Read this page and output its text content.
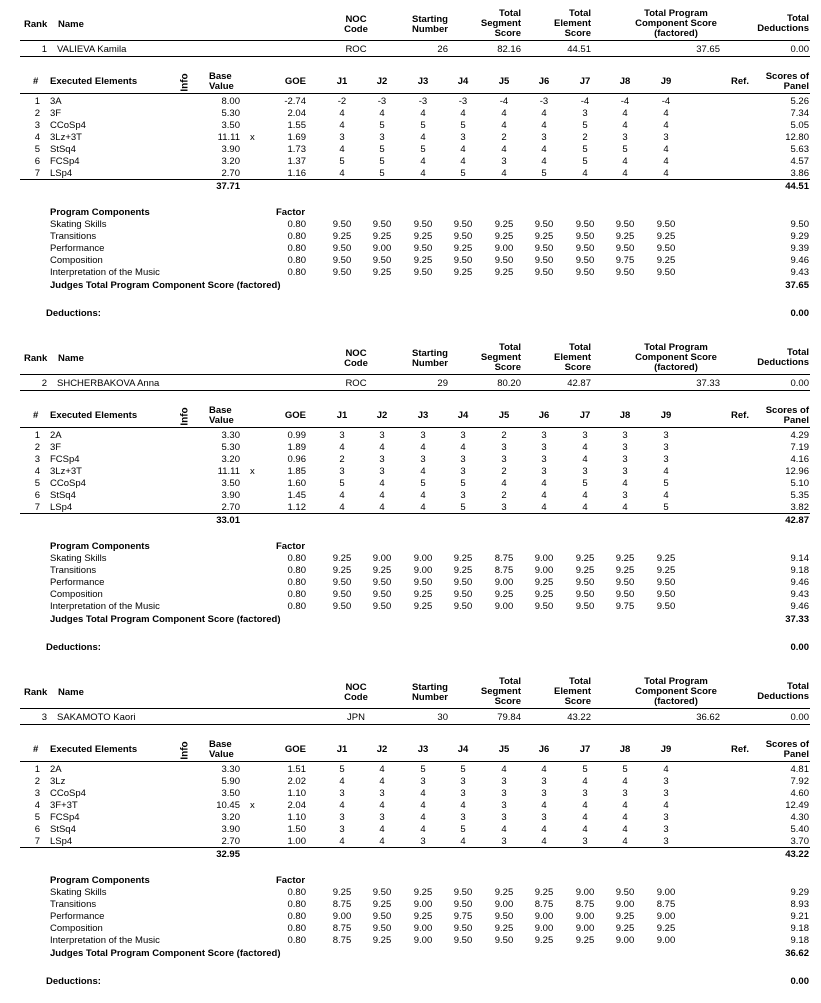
Rank Name	NOC
Code
Starting
Number
Total
Segment
Score
Total
Element
Score
Total Program
Component Score
(factored)
Total
Deductions
1 VALIEVA Kamila	ROC	26	82.16	44.51	37.65	0.00
# Executed Elements	Info Base
Value	GOE	J1	J2	J3	J4	J5	J6	J7	J8	J9	Ref.	Scores of
Panel
1 3A	8.00	-2.74	-2	-3	-3	-3	-4	-3	-4	-4	-4	5.26
2 3F	5.30	2.04	4	4	4	4	4	4	3	4	4	7.34
3 CCoSp4	3.50	1.55	4	5	5	5	4	4	5	4	4	5.05
4 3Lz+3T	11.11 x	1.69	3	3	4	3	2	3	2	3	3	12.80
5 StSq4	3.90	1.73	4	5	5	4	4	4	5	5	4	5.63
6 FCSp4	3.20	1.37	5	5	4	4	3	4	5	4	4	4.57
7 LSp4	2.70	1.16	4	5	4	5	4	5	4	4	4	3.86
37.71	44.51
Program Components	Factor
Skating Skills	0.80	9.50	9.50	9.50	9.50	9.25	9.50	9.50	9.50	9.50	9.50
Transitions	0.80	9.25	9.25	9.25	9.50	9.25	9.25	9.50	9.25	9.25	9.29
Performance	0.80	9.50	9.00	9.50	9.25	9.00	9.50	9.50	9.50	9.50	9.39
Composition	0.80	9.50	9.50	9.25	9.50	9.50	9.50	9.50	9.75	9.25	9.46
Interpretation of the Music	0.80	9.50	9.25	9.50	9.25	9.25	9.50	9.50	9.50	9.50	9.43
Judges Total Program Component Score (factored)	37.65
Deductions:	0.00
Rank Name	NOC
Code
Starting
Number
Total
Segment
Score
Total
Element
Score
Total Program
Component Score
(factored)
Total
Deductions
2 SHCHERBAKOVA Anna	ROC	29	80.20	42.87	37.33	0.00
# Executed Elements	Info Base
Value	GOE	J1	J2	J3	J4	J5	J6	J7	J8	J9	Ref.	Scores of
Panel
1 2A	3.30	0.99	3	3	3	3	2	3	3	3	3	4.29
2 3F	5.30	1.89	4	4	4	4	3	3	4	3	3	7.19
3 FCSp4	3.20	0.96	2	3	3	3	3	3	4	3	3	4.16
4 3Lz+3T	11.11 x	1.85	3	3	4	3	2	3	3	3	4	12.96
5 CCoSp4	3.50	1.60	5	4	5	5	4	4	5	4	5	5.10
6 StSq4	3.90	1.45	4	4	4	3	2	4	4	3	4	5.35
7 LSp4	2.70	1.12	4	4	4	5	3	4	4	4	5	3.82
33.01	42.87
Program Components	Factor
Skating Skills	0.80	9.25	9.00	9.00	9.25	8.75	9.00	9.25	9.25	9.25	9.14
Transitions	0.80	9.25	9.25	9.00	9.25	8.75	9.00	9.25	9.25	9.25	9.18
Performance	0.80	9.50	9.50	9.50	9.50	9.00	9.25	9.50	9.50	9.50	9.46
Composition	0.80	9.50	9.50	9.25	9.50	9.25	9.25	9.50	9.50	9.50	9.43
Interpretation of the Music	0.80	9.50	9.50	9.25	9.50	9.00	9.50	9.50	9.75	9.50	9.46
Judges Total Program Component Score (factored)	37.33
Deductions:	0.00
Rank Name	NOC
Code
Starting
Number
Total
Segment
Score
Total
Element
Score
Total Program
Component Score
(factored)
Total
Deductions
3 SAKAMOTO Kaori	JPN	30	79.84	43.22	36.62	0.00
# Executed Elements	Info Base
Value	GOE	J1	J2	J3	J4	J5	J6	J7	J8	J9	Ref.	Scores of
Panel
1 2A	3.30	1.51	5	4	5	5	4	4	5	5	4	4.81
2 3Lz	5.90	2.02	4	4	3	3	3	3	4	4	3	7.92
3 CCoSp4	3.50	1.10	3	3	4	3	3	3	3	3	3	4.60
4 3F+3T	10.45 x	2.04	4	4	4	4	3	4	4	4	4	12.49
5 FCSp4	3.20	1.10	3	3	4	3	3	3	4	4	3	4.30
6 StSq4	3.90	1.50	3	4	4	5	4	4	4	4	3	5.40
7 LSp4	2.70	1.00	4	4	3	4	3	4	3	4	3	3.70
32.95	43.22
Program Components	Factor
Skating Skills	0.80	9.25	9.50	9.25	9.50	9.25	9.25	9.00	9.50	9.00	9.29
Transitions	0.80	8.75	9.25	9.00	9.50	9.00	8.75	8.75	9.00	8.75	8.93
Performance	0.80	9.00	9.50	9.25	9.75	9.50	9.00	9.00	9.25	9.00	9.21
Composition	0.80	8.75	9.50	9.00	9.50	9.25	9.00	9.00	9.25	9.25	9.18
Interpretation of the Music	0.80	8.75	9.25	9.00	9.50	9.50	9.25	9.25	9.00	9.00	9.18
Judges Total Program Component Score (factored)	36.62
Deductions:	0.00
